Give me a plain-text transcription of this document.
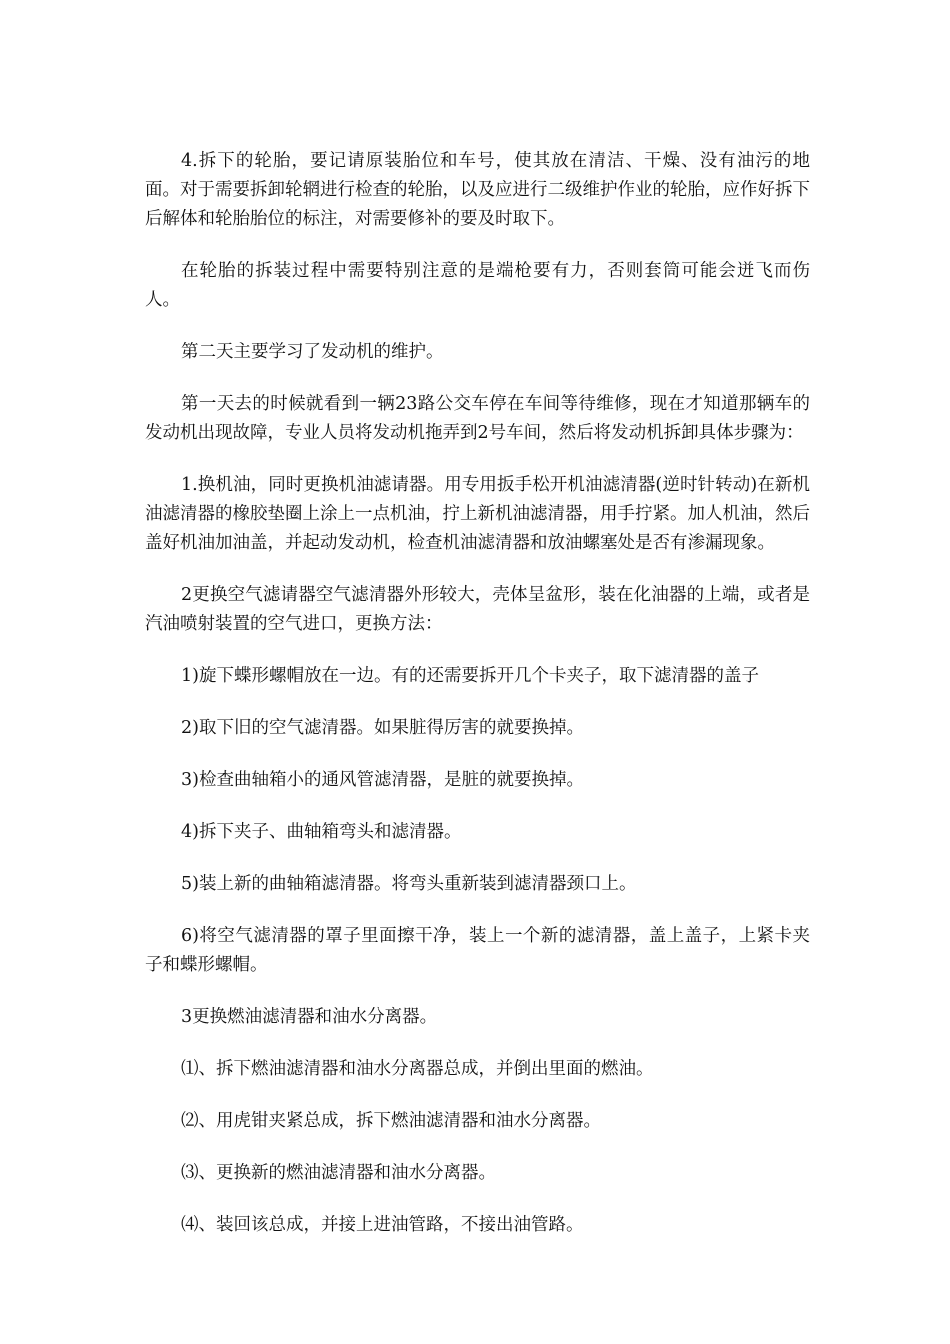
4.拆下的轮胎，要记请原装胎位和车号，使其放在清洁、干燥、没有油污的地面。对于需要拆卸轮辋进行检查的轮胎，以及应进行二级维护作业的轮胎，应作好拆下后解体和轮胎胎位的标注，对需要修补的要及时取下。

在轮胎的拆装过程中需要特别注意的是端枪要有力，否则套筒可能会迸飞而伤人。

第二天主要学习了发动机的维护。

第一天去的时候就看到一辆23路公交车停在车间等待维修，现在才知道那辆车的发动机出现故障，专业人员将发动机拖弄到2号车间，然后将发动机拆卸具体步骤为：

1.换机油，同时更换机油滤请器。用专用扳手松开机油滤清器(逆时针转动)在新机油滤清器的橡胶垫圈上涂上一点机油，拧上新机油滤清器，用手拧紧。加人机油，然后盖好机油加油盖，并起动发动机，检查机油滤清器和放油螺塞处是否有渗漏现象。

2更换空气滤请器空气滤清器外形较大，壳体呈盆形，装在化油器的上端，或者是汽油喷射装置的空气进口，更换方法：

1)旋下蝶形螺帽放在一边。有的还需要拆开几个卡夹子，取下滤清器的盖子

2)取下旧的空气滤清器。如果脏得厉害的就要换掉。

3)检查曲轴箱小的通风管滤清器，是脏的就要换掉。

4)拆下夹子、曲轴箱弯头和滤清器。

5)装上新的曲轴箱滤清器。将弯头重新装到滤清器颈口上。

6)将空气滤清器的罩子里面擦干净，装上一个新的滤清器，盖上盖子，上紧卡夹子和蝶形螺帽。

3更换燃油滤清器和油水分离器。

⑴、拆下燃油滤清器和油水分离器总成，并倒出里面的燃油。

⑵、用虎钳夹紧总成，拆下燃油滤清器和油水分离器。

⑶、更换新的燃油滤清器和油水分离器。

⑷、装回该总成，并接上进油管路，不接出油管路。
